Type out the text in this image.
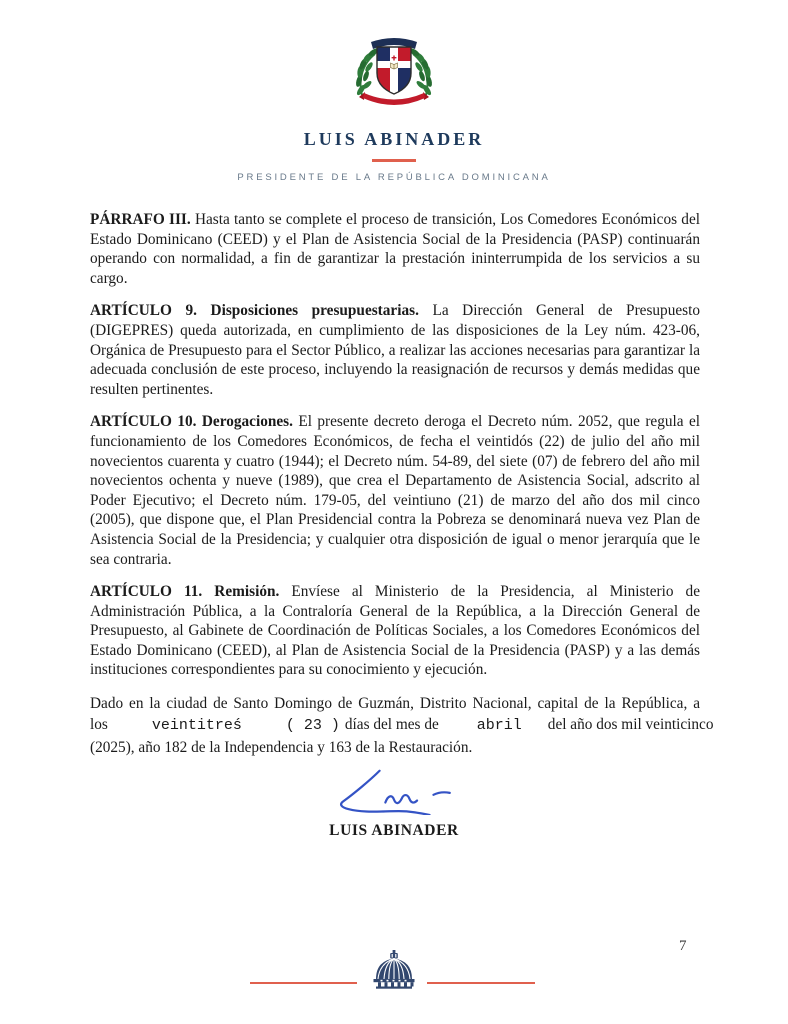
LUIS ABINADER
PRESIDENTE DE LA REPÚBLICA DOMINICANA

PÁRRAFO III. Hasta tanto se complete el proceso de transición, Los Comedores Económicos del Estado Dominicano (CEED) y el Plan de Asistencia Social de la Presidencia (PASP) continuarán operando con normalidad, a fin de garantizar la prestación ininterrumpida de los servicios a su cargo.

ARTÍCULO 9. Disposiciones presupuestarias. La Dirección General de Presupuesto (DIGEPRES) queda autorizada, en cumplimiento de las disposiciones de la Ley núm. 423-06, Orgánica de Presupuesto para el Sector Público, a realizar las acciones necesarias para garantizar la adecuada conclusión de este proceso, incluyendo la reasignación de recursos y demás medidas que resulten pertinentes.

ARTÍCULO 10. Derogaciones. El presente decreto deroga el Decreto núm. 2052, que regula el funcionamiento de los Comedores Económicos, de fecha el veintidós (22) de julio del año mil novecientos cuarenta y cuatro (1944); el Decreto núm. 54-89, del siete (07) de febrero del año mil novecientos ochenta y nueve (1989), que crea el Departamento de Asistencia Social, adscrito al Poder Ejecutivo; el Decreto núm. 179-05, del veintiuno (21) de marzo del año dos mil cinco (2005), que dispone que, el Plan Presidencial contra la Pobreza se denominará nueva vez Plan de Asistencia Social de la Presidencia; y cualquier otra disposición de igual o menor jerarquía que le sea contraria.

ARTÍCULO 11. Remisión. Envíese al Ministerio de la Presidencia, al Ministerio de Administración Pública, a la Contraloría General de la República, a la Dirección General de Presupuesto, al Gabinete de Coordinación de Políticas Sociales, a los Comedores Económicos del Estado Dominicano (CEED), al Plan de Asistencia Social de la Presidencia (PASP) y a las demás instituciones correspondientes para su conocimiento y ejecución.

Dado en la ciudad de Santo Domingo de Guzmán, Distrito Nacional, capital de la República, a
los	veintitreś	( 23 ) días del mes de	abril del año dos mil veinticinco
(2025), año 182 de la Independencia y 163 de la Restauración.
LUIS ABINADER
7
